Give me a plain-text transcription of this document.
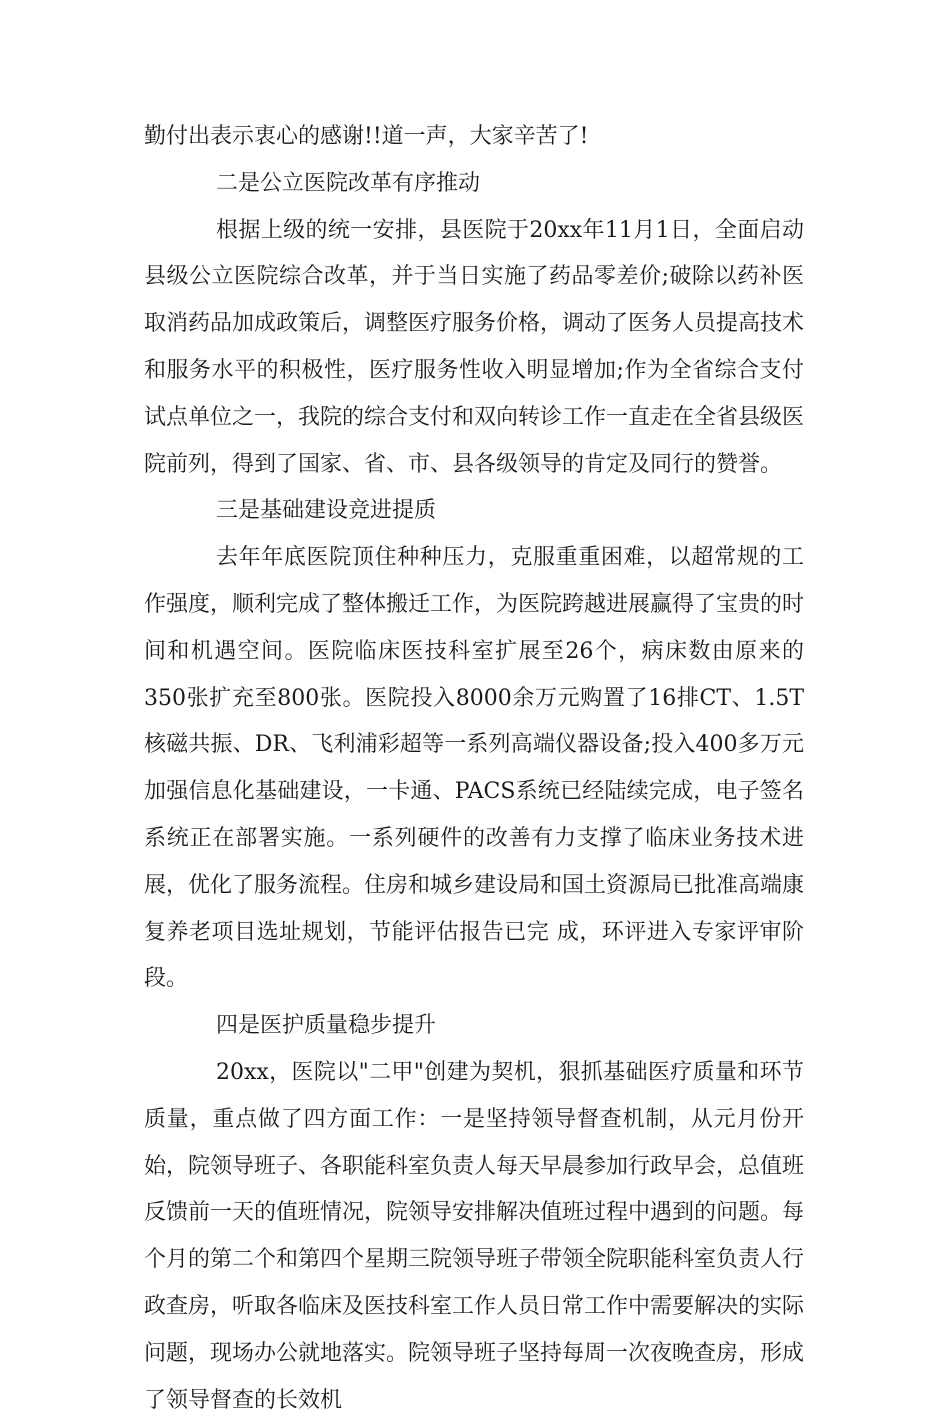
勤付出表示衷心的感谢!!道一声，大家辛苦了!

二是公立医院改革有序推动

根据上级的统一安排，县医院于20xx年11月1日，全面启动县级公立医院综合改革，并于当日实施了药品零差价;破除以药补医取消药品加成政策后，调整医疗服务价格，调动了医务人员提高技术和服务水平的积极性，医疗服务性收入明显增加;作为全省综合支付试点单位之一，我院的综合支付和双向转诊工作一直走在全省县级医院前列，得到了国家、省、市、县各级领导的肯定及同行的赞誉。

三是基础建设竞进提质

去年年底医院顶住种种压力，克服重重困难，以超常规的工作强度，顺利完成了整体搬迁工作，为医院跨越进展赢得了宝贵的时间和机遇空间。医院临床医技科室扩展至26个，病床数由原来的350张扩充至800张。医院投入8000余万元购置了16排CT、1.5T核磁共振、DR、飞利浦彩超等一系列高端仪器设备;投入400多万元加强信息化基础建设，一卡通、PACS系统已经陆续完成，电子签名系统正在部署实施。一系列硬件的改善有力支撑了临床业务技术进展，优化了服务流程。住房和城乡建设局和国土资源局已批准高端康复养老项目选址规划，节能评估报告已完 成，环评进入专家评审阶段。

四是医护质量稳步提升

20xx，医院以"二甲"创建为契机，狠抓基础医疗质量和环节质量，重点做了四方面工作：一是坚持领导督查机制，从元月份开始，院领导班子、各职能科室负责人每天早晨参加行政早会，总值班反馈前一天的值班情况，院领导安排解决值班过程中遇到的问题。每个月的第二个和第四个星期三院领导班子带领全院职能科室负责人行政查房，听取各临床及医技科室工作人员日常工作中需要解决的实际问题，现场办公就地落实。院领导班子坚持每周一次夜晚查房，形成了领导督查的长效机
